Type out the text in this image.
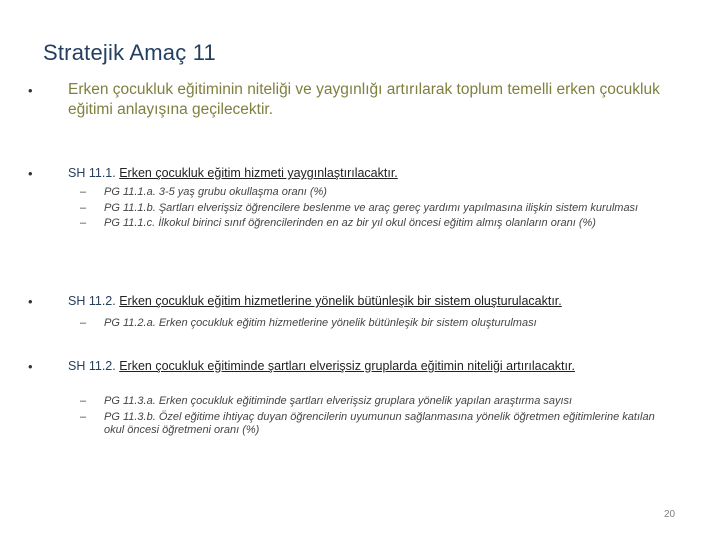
Stratejik Amaç 11
• Erken çocukluk eğitiminin niteliği ve yaygınlığı artırılarak toplum temelli erken çocukluk eğitimi anlayışına geçilecektir.
•	SH 11.1. Erken çocukluk eğitim hizmeti yaygınlaştırılacaktır.
– PG 11.1.a. 3-5 yaş grubu okullaşma oranı (%)
– PG 11.1.b. Şartları elverişsiz öğrencilere beslenme ve araç gereç yardımı yapılmasına ilişkin sistem kurulması
– PG 11.1.c. İlkokul birinci sınıf öğrencilerinden en az bir yıl okul öncesi eğitim almış olanların oranı (%)
•	SH 11.2. Erken çocukluk eğitim hizmetlerine yönelik bütünleşik bir sistem oluşturulacaktır.
– PG 11.2.a. Erken çocukluk eğitim hizmetlerine yönelik bütünleşik bir sistem oluşturulması
•	SH 11.2. Erken çocukluk eğitiminde şartları elverişsiz gruplarda eğitimin niteliği artırılacaktır.
– PG 11.3.a. Erken çocukluk eğitiminde şartları elverişsiz gruplara yönelik yapılan araştırma sayısı
– PG 11.3.b. Özel eğitime ihtiyaç duyan öğrencilerin uyumunun sağlanmasına yönelik öğretmen eğitimlerine katılan okul öncesi öğretmeni oranı (%)
20
